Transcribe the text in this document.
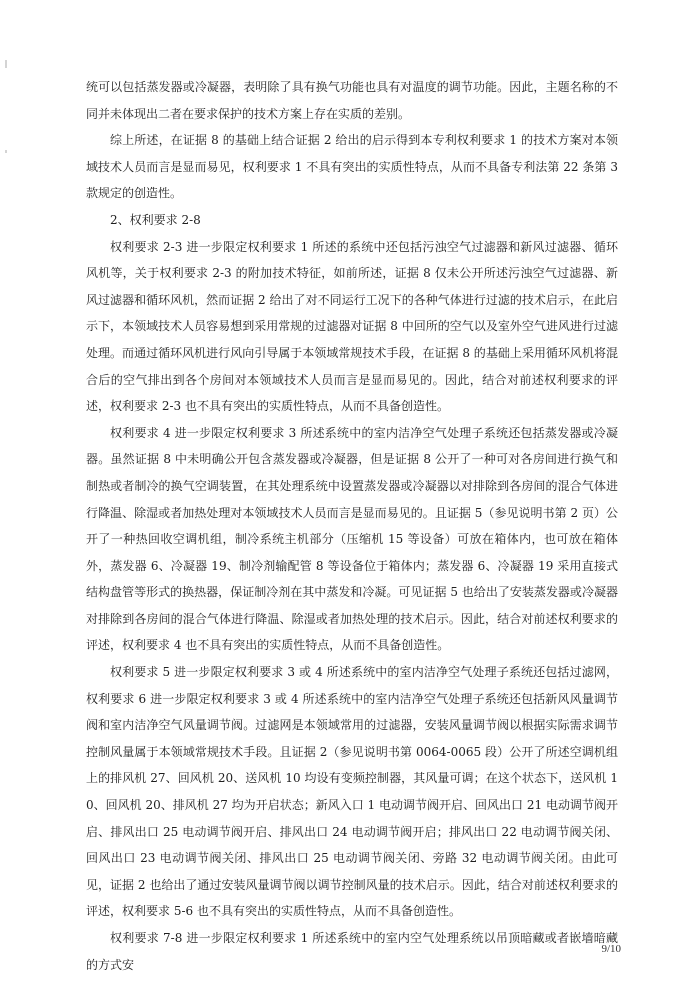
统可以包括蒸发器或冷凝器，表明除了具有换气功能也具有对温度的调节功能。因此，主题名称的不同并未体现出二者在要求保护的技术方案上存在实质的差别。

综上所述，在证据 8 的基础上结合证据 2 给出的启示得到本专利权利要求 1 的技术方案对本领域技术人员而言是显而易见，权利要求 1 不具有突出的实质性特点，从而不具备专利法第 22 条第 3 款规定的创造性。

2、权利要求 2-8

权利要求 2-3 进一步限定权利要求 1 所述的系统中还包括污浊空气过滤器和新风过滤器、循环风机等，关于权利要求 2-3 的附加技术特征，如前所述，证据 8 仅未公开所述污浊空气过滤器、新风过滤器和循环风机，然而证据 2 给出了对不同运行工况下的各种气体进行过滤的技术启示，在此启示下，本领域技术人员容易想到采用常规的过滤器对证据 8 中回所的空气以及室外空气进风进行过滤处理。而通过循环风机进行风向引导属于本领域常规技术手段，在证据 8 的基础上采用循环风机将混合后的空气排出到各个房间对本领域技术人员而言是显而易见的。因此，结合对前述权利要求的评述，权利要求 2-3 也不具有突出的实质性特点，从而不具备创造性。

权利要求 4 进一步限定权利要求 3 所述系统中的室内洁净空气处理子系统还包括蒸发器或冷凝器。虽然证据 8 中未明确公开包含蒸发器或冷凝器，但是证据 8 公开了一种可对各房间进行换气和制热或者制冷的换气空调装置，在其处理系统中设置蒸发器或冷凝器以对排除到各房间的混合气体进行降温、除湿或者加热处理对本领域技术人员而言是显而易见的。且证据 5（参见说明书第 2 页）公开了一种热回收空调机组，制冷系统主机部分（压缩机 15 等设备）可放在箱体内，也可放在箱体外，蒸发器 6、冷凝器 19、制冷剂输配管 8 等设备位于箱体内；蒸发器 6、冷凝器 19 采用直接式结构盘管等形式的换热器，保证制冷剂在其中蒸发和冷凝。可见证据 5 也给出了安装蒸发器或冷凝器对排除到各房间的混合气体进行降温、除湿或者加热处理的技术启示。因此，结合对前述权利要求的评述，权利要求 4 也不具有突出的实质性特点，从而不具备创造性。

权利要求 5 进一步限定权利要求 3 或 4 所述系统中的室内洁净空气处理子系统还包括过滤网，权利要求 6 进一步限定权利要求 3 或 4 所述系统中的室内洁净空气处理子系统还包括新风风量调节阀和室内洁净空气风量调节阀。过滤网是本领域常用的过滤器，安装风量调节阀以根据实际需求调节控制风量属于本领域常规技术手段。且证据 2（参见说明书第 0064-0065 段）公开了所述空调机组上的排风机 27、回风机 20、送风机 10 均设有变频控制器，其风量可调；在这个状态下，送风机 10、回风机 20、排风机 27 均为开启状态；新风入口 1 电动调节阀开启、回风出口 21 电动调节阀开启、排风出口 25 电动调节阀开启、排风出口 24 电动调节阀开启；排风出口 22 电动调节阀关闭、回风出口 23 电动调节阀关闭、排风出口 25 电动调节阀关闭、旁路 32 电动调节阀关闭。由此可见，证据 2 也给出了通过安装风量调节阀以调节控制风量的技术启示。因此，结合对前述权利要求的评述，权利要求 5-6 也不具有突出的实质性特点，从而不具备创造性。

权利要求 7-8 进一步限定权利要求 1 所述系统中的室内空气处理系统以吊顶暗藏或者嵌墙暗藏的方式安

9/10
